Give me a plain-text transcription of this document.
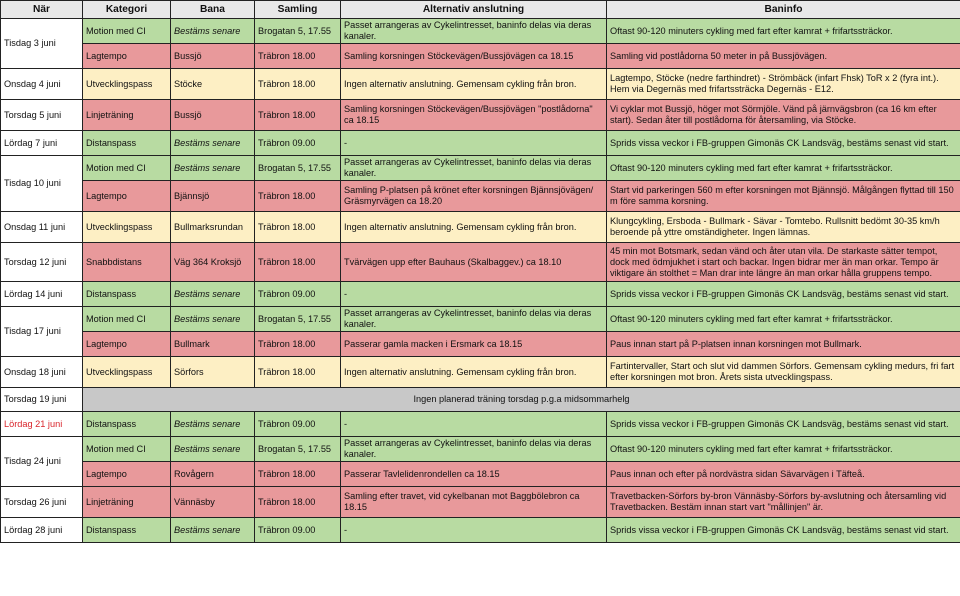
När	Kategori	Bana	Samling	Alternativ anslutning	Baninfo
Tisdag 3 juni	Motion med CI	Bestäms senare	Brogatan 5, 17.55	Passet arrangeras av Cykelintresset, baninfo delas via deras kanaler.	Oftast 90-120 minuters cykling med fart efter kamrat + frifartssträckor.
	Lagtempo	Bussjö	Träbron 18.00	Samling korsningen Stöckevägen/Bussjövägen ca 18.15	Samling vid postlådorna 50 meter in på Bussjövägen.
Onsdag 4 juni	Utvecklingspass	Stöcke	Träbron 18.00	Ingen alternativ anslutning. Gemensam cykling från bron.	Lagtempo, Stöcke (nedre farthindret) - Strömbäck (infart Fhsk) ToR x 2 (fyra int.). Hem via Degernäs med frifartssträcka Degernäs - E12.
Torsdag 5 juni	Linjeträning	Bussjö	Träbron 18.00	Samling korsningen Stöckevägen/Bussjövägen "postlådorna" ca 18.15	Vi cyklar mot Bussjö, höger mot Sörmjöle. Vänd på järnvägsbron (ca 16 km efter start). Sedan åter till postlådorna för återsamling, via Stöcke.
Lördag 7 juni	Distanspass	Bestäms senare	Träbron 09.00	-	Sprids vissa veckor i FB-gruppen Gimonäs CK Landsväg, bestäms senast vid start.
Tisdag 10 juni	Motion med CI	Bestäms senare	Brogatan 5, 17.55	Passet arrangeras av Cykelintresset, baninfo delas via deras kanaler.	Oftast 90-120 minuters cykling med fart efter kamrat + frifartssträckor.
	Lagtempo	Bjännsjö	Träbron 18.00	Samling P-platsen på krönet efter korsningen Bjännsjövägen/ Gräsmyrvägen ca 18.20	Start vid parkeringen 560 m efter korsningen mot Bjännsjö. Målgången flyttad till 150 m före samma korsning.
Onsdag 11 juni	Utvecklingspass	Bullmarksrundan	Träbron 18.00	Ingen alternativ anslutning. Gemensam cykling från bron.	Klungcykling, Ersboda - Bullmark - Sävar - Tomtebo. Rullsnitt bedömt 30-35 km/h beroende på yttre omständigheter. Ingen lämnas.
Torsdag 12 juni	Snabbdistans	Väg 364 Kroksjö	Träbron 18.00	Tvärvägen upp efter Bauhaus (Skalbaggev.) ca 18.10	45 min mot Botsmark, sedan vänd och åter utan vila. De starkaste sätter tempot, dock med ödmjukhet i start och backar. Ingen bidrar mer än man orkar. Tempo är viktigare än stolthet = Man drar inte längre än man orkar hålla gruppens tempo.
Lördag 14 juni	Distanspass	Bestäms senare	Träbron 09.00	-	Sprids vissa veckor i FB-gruppen Gimonäs CK Landsväg, bestäms senast vid start.
Tisdag 17 juni	Motion med CI	Bestäms senare	Brogatan 5, 17.55	Passet arrangeras av Cykelintresset, baninfo delas via deras kanaler.	Oftast 90-120 minuters cykling med fart efter kamrat + frifartssträckor.
	Lagtempo	Bullmark	Träbron 18.00	Passerar gamla macken i Ersmark ca 18.15	Paus innan start på P-platsen innan korsningen mot Bullmark.
Onsdag 18 juni	Utvecklingspass	Sörfors	Träbron 18.00	Ingen alternativ anslutning. Gemensam cykling från bron.	Fartintervaller, Start och slut vid dammen Sörfors. Gemensam cykling medurs, fri fart efter korsningen mot bron. Årets sista utvecklingspass.
Torsdag 19 juni	Ingen planerad träning torsdag p.g.a midsommarhelg				
Lördag 21 juni	Distanspass	Bestäms senare	Träbron 09.00	-	Sprids vissa veckor i FB-gruppen Gimonäs CK Landsväg, bestäms senast vid start.
Tisdag 24 juni	Motion med CI	Bestäms senare	Brogatan 5, 17.55	Passet arrangeras av Cykelintresset, baninfo delas via deras kanaler.	Oftast 90-120 minuters cykling med fart efter kamrat + frifartssträckor.
	Lagtempo	Rovågern	Träbron 18.00	Passerar Tavlelidenrondellen ca 18.15	Paus innan och efter på nordvästra sidan Sävarvägen i Täfteå.
Torsdag 26 juni	Linjeträning	Vännäsby	Träbron 18.00	Samling efter travet, vid cykelbanan mot Baggbölebron ca 18.15	Travetbacken-Sörfors by-bron Vännäsby-Sörfors by-avslutning och återsamling vid Travetbacken. Bestäm innan start vart "mållinjen" är.
Lördag 28 juni	Distanspass	Bestäms senare	Träbron 09.00	-	Sprids vissa veckor i FB-gruppen Gimonäs CK Landsväg, bestäms senast vid start.
